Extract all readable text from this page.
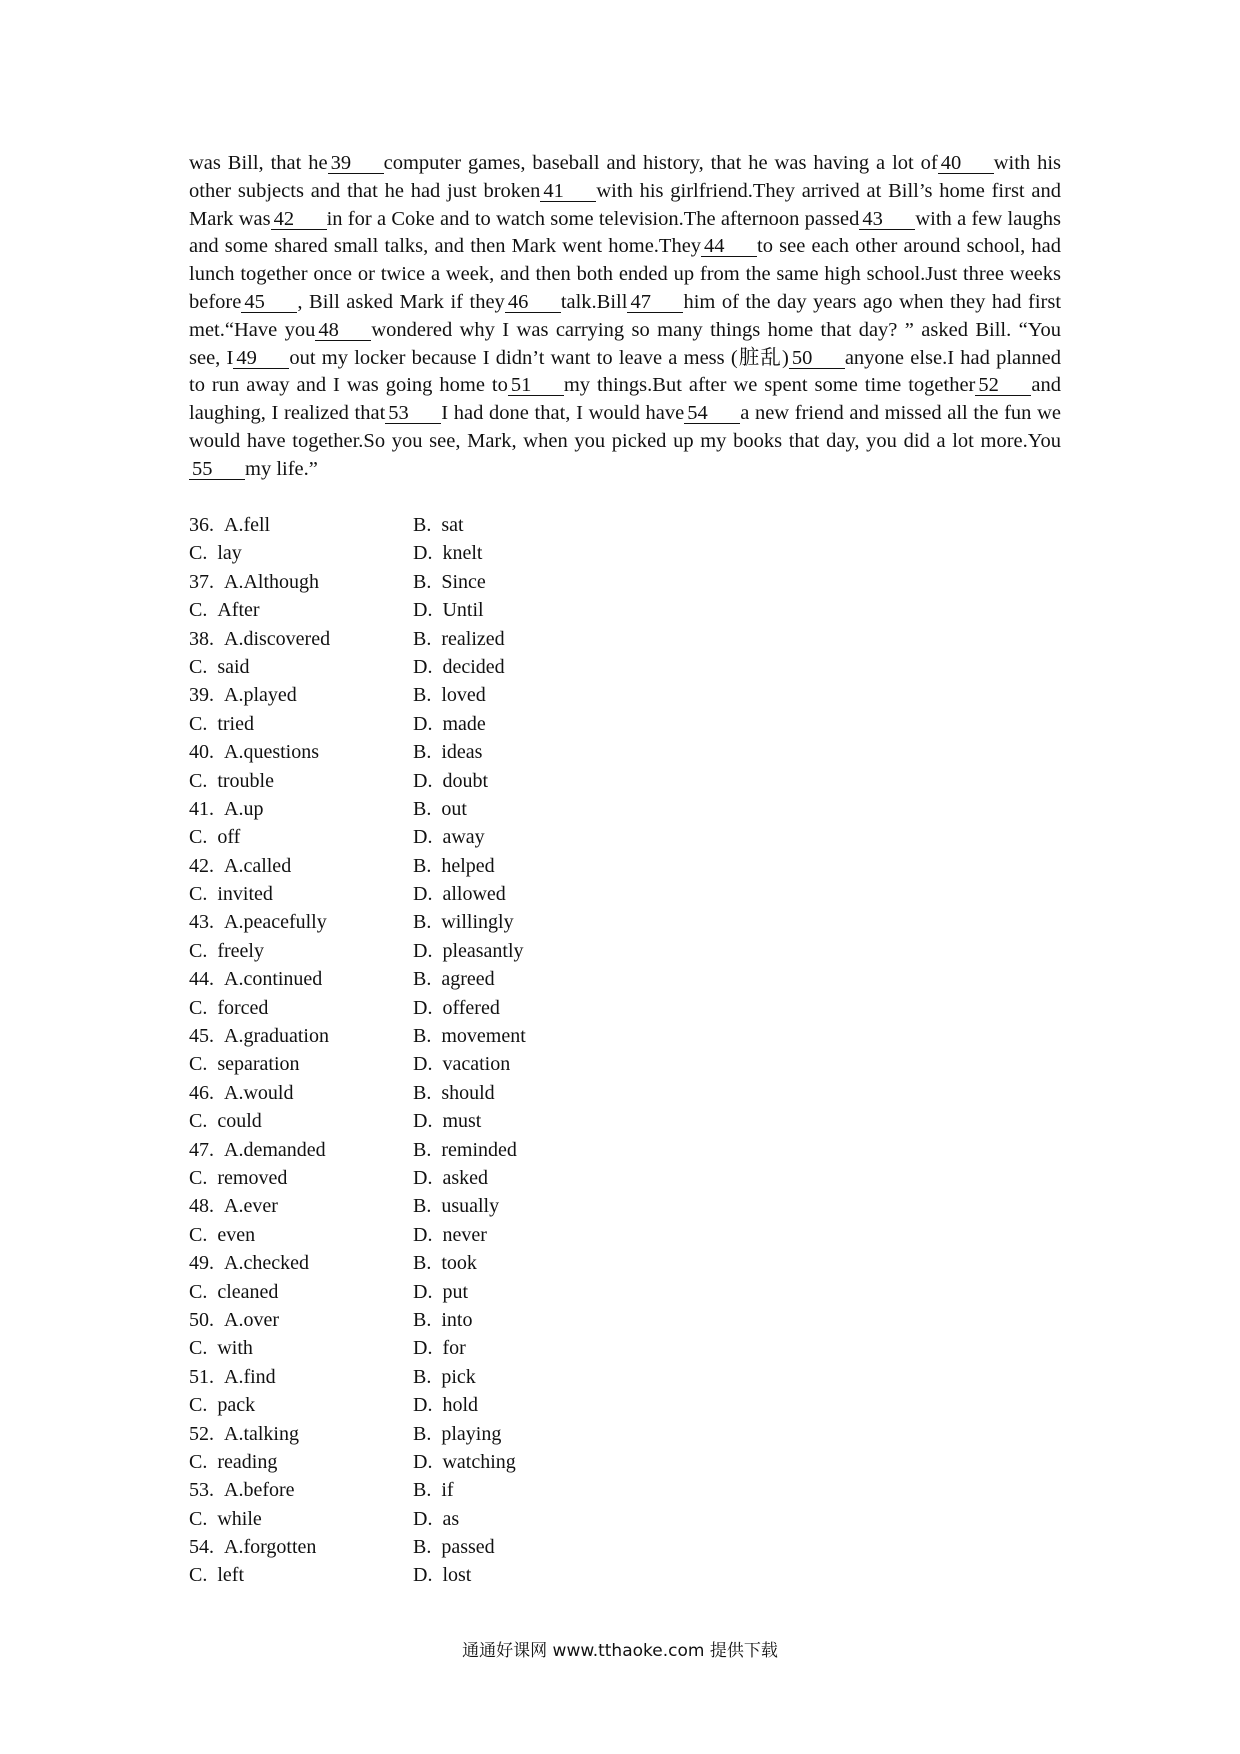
was Bill, that he 39 computer games, baseball and history, that he was having a lot of 40 with his other subjects and that he had just broken 41 with his girlfriend.They arrived at Bill’s home first and Mark was 42 in for a Coke and to watch some television.The afternoon passed 43 with a few laughs and some shared small talks, and then Mark went home.They 44 to see each other around school, had lunch together once or twice a week, and then both ended up from the same high school.Just three weeks before 45 , Bill asked Mark if they 46 talk.Bill 47 him of the day years ago when they had first met.“Have you 48 wondered why I was carrying so many things home that day? ” asked Bill. “You see, I 49 out my locker because I didn’t want to leave a mess (脏乱) 50 anyone else.I had planned to run away and I was going home to 51 my things.But after we spent some time together 52 and laughing, I realized that 53 I had done that, I would have 54 a new friend and missed all the fun we would have together.So you see, Mark, when you picked up my books that day, you did a lot more.You55 my life.”

36. A.fell	B. sat
C. lay	D. knelt
37. A.Although	B. Since
C. After	D. Until
38. A.discovered	B. realized
C. said	D. decided
39. A.played	B. loved
C. tried	D. made
40. A.questions	B. ideas
C. trouble	D. doubt
41. A.up	B. out
C. off	D. away
42. A.called	B. helped
C. invited	D. allowed
43. A.peacefully	B. willingly
C. freely	D. pleasantly
44. A.continued	B. agreed
C. forced	D. offered
45. A.graduation	B. movement
C. separation	D. vacation
46. A.would	B. should
C. could	D. must
47. A.demanded	B. reminded
C. removed	D. asked
48. A.ever	B. usually
C. even	D. never
49. A.checked	B. took
C. cleaned	D. put
50. A.over	B. into
C. with	D. for
51. A.find	B. pick
C. pack	D. hold
52. A.talking	B. playing
C. reading	D. watching
53. A.before	B. if
C. while	D. as
54. A.forgotten	B. passed
C. left	D. lost
通通好课网 www.tthaoke.com 提供下载
